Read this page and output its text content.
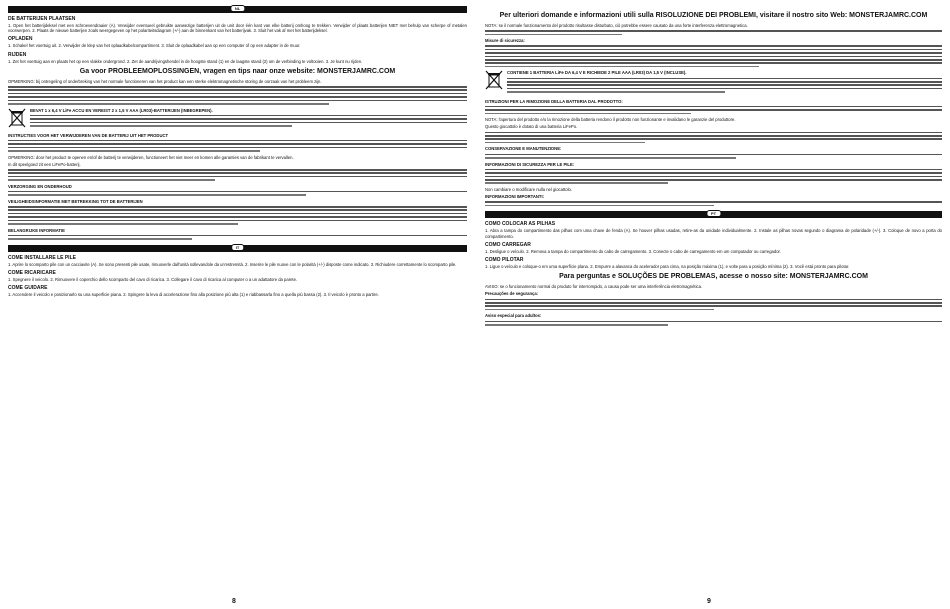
NL
DE BATTERIJEN PLAATSEN

1. Open het batterijdeksel met een schroevendraaier (A). Verwijder eventueel gebruikte aanwezige batterijen uit de unit door één kant van elke batterij omhoog te trekken. Verwijder of plaats batterijen NIET met behulp van scherpe of metalen voorwerpen. 2. Plaats de nieuwe batterijen zoals weergegeven op het polariteitsdiagram (+/-) aan de binnenkant van het batterijvak. 3. Sluit het vak af met het batterijdeksel.

OPLADEN

1. Schakel het voertuig uit. 2. Verwijder de klep van het oplaadkabelcompartiment. 3. Sluit de oplaadkabel aan op een computer of op een adapter in de muur.

RIJDEN

1. Zet het voertuig aan en plaats het op een vlakke ondergrond. 2. Zet de aandrijvingshendel in de hoogste stand (1) en de laagste stand (2) om de verbinding te voltooien. 3. Je kunt nu rijden.

Ga voor PROBLEEMOPLOSSINGEN, vragen en tips naar onze website: MONSTERJAMRC.COM

OPMERKING: bij ontregeling of onderbreking van het normale functioneren van het product kan een sterke elektromagnetische storing de oorzaak van het probleem zijn.

BEVAT 1 x 6,4 V LiFe ACCU EN VEREIST 2 x 1,5 V AAA (LR03)-BATTERIJEN (INBEGREPEN).

INSTRUCTIES VOOR HET VERWIJDEREN VAN DE BATTERIJ UIT HET PRODUCT

OPMERKING: door het product te openen en/of de batterij te verwijderen, functioneert het niet meer en komen alle garanties van de fabrikant te vervallen.

In dit speelgoed zit een LiFePo-batterij.

VERZORGING EN ONDERHOUD

VEILIGHEIDSINFORMATIE MET BETREKKING TOT DE BATTERIJEN

BELANGRIJKE INFORMATIE

IT
COME INSTALLARE LE PILE

1. Aprire lo scomparto pile con un cacciavite (A). Se sono presenti pile usate, rimuoverle dall'unità sollevandole da un'estremità. 2. Inserire le pile nuove con le polarità (+/-) disposte come indicato. 3. Richiudere correttamente lo scomparto pile.

COME RICARICARE

1. Spegnere il veicolo. 2. Rimuovere il coperchio dello scomparto del cavo di ricarica. 3. Collegare il cavo di ricarica al computer o a un adattatore da parete.

COME GUIDARE

1. Accendere il veicolo e posizionarlo su una superficie piana. 2. Spingere la leva di accelerazione fino alla posizione più alta (1) e riabbassarla fino a quella più bassa (2). 3. Il veicolo è pronto a partire.

8
Per ulteriori domande e informazioni utili sulla RISOLUZIONE DEI PROBLEMI, visitare il nostro sito Web: MONSTERJAMRC.COM

NOTA: se il normale funzionamento del prodotto risultasse disturbato, ciò potrebbe essere causato da una forte interferenza elettromagnetica.

Misure di sicurezza:

CONTIENE 1 BATTERIA LiFe DA 6,4 V E RICHIEDE 2 PILE AAA (LR03) DA 1,5 V (INCLUSE).

ISTRUZIONI PER LA RIMOZIONE DELLA BATTERIA DAL PRODOTTO:

NOTA: l'apertura del prodotto e/o la rimozione della batteria rendono il prodotto non funzionante e invalidano le garanzie del produttore.

Questo giocattolo è dotato di una batteria LiFePo.

CONSERVAZIONE E MANUTENZIONE:

INFORMAZIONI DI SICUREZZA PER LE PILE:

Non cambiare o modificare nulla nel giocattolo.

INFORMAZIONI IMPORTANTI:

PT
COMO COLOCAR AS PILHAS

1. Abra a tampa do compartimento das pilhas com uma chave de fenda (A). Se houver pilhas usadas, retire-as da unidade individualmente. 2. Instale as pilhas novas segundo o diagrama de polaridade (+/-). 3. Coloque de novo a porta do compartimento.

COMO CARREGAR

1. Desligue o veículo. 2. Remova a tampa do compartimento do cabo de carregamento. 3. Conecte o cabo de carregamento em um computador ou carregador.

COMO PILOTAR

1. Ligue o veículo e coloque-o em uma superfície plana. 2. Empurre a alavanca do acelerador para cima, na posição máxima (1), e volte para a posição mínima (2). 3. Você está pronto para pilotar.

Para perguntas e SOLUÇÕES DE PROBLEMAS, acesse o nosso site: MONSTERJAMRC.COM

AVISO: se o funcionamento normal do produto for interrompido, a causa pode ser uma interferência eletromagnética.

Precauções de segurança:

Aviso especial para adultos:

9
